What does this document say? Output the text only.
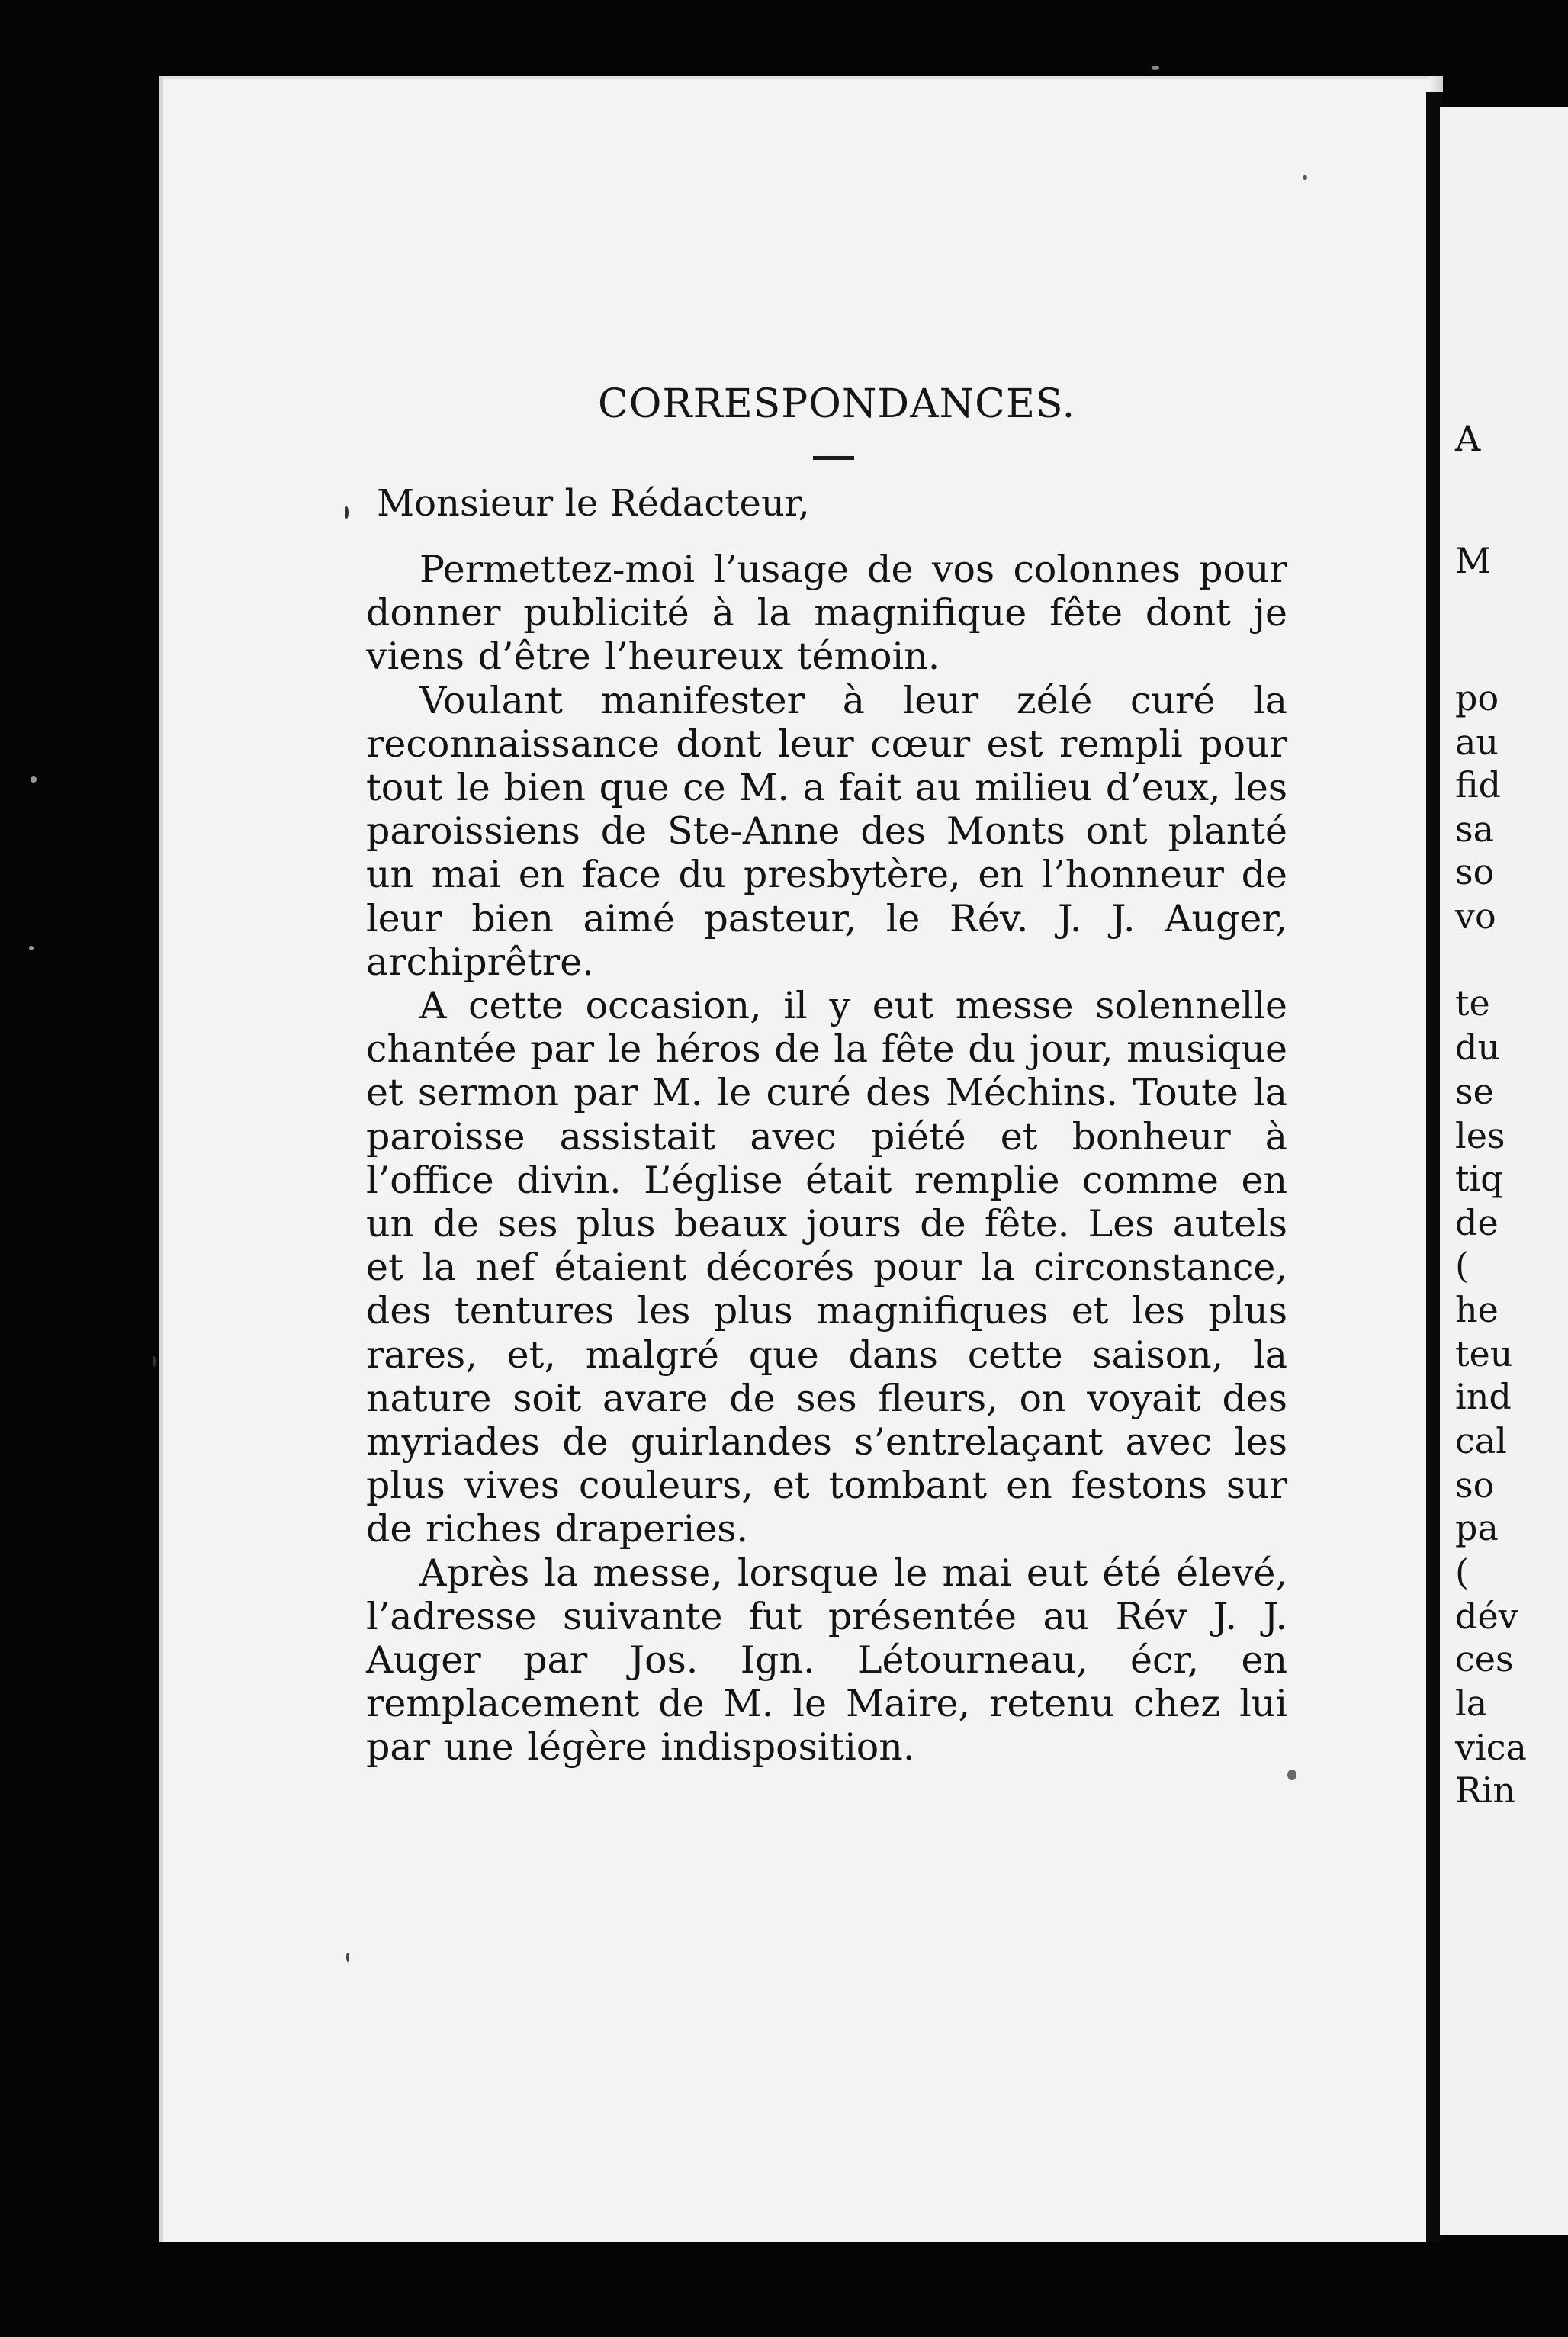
CORRESPONDANCES.
Monsieur le Rédacteur,

Permettez-moi l’usage de vos colonnes pour donner publicité à la magnifique fête dont je viens d’être l’heureux témoin.

Voulant manifester à leur zélé curé la reconnaissance dont leur cœur est rempli pour tout le bien que ce M. a fait au milieu d’eux, les paroissiens de Ste-Anne des Monts ont planté un mai en face du presbytère, en l’honneur de leur bien aimé pasteur, le Rév. J. J. Auger, archiprêtre.

A cette occasion, il y eut messe solennelle chantée par le héros de la fête du jour, musique et sermon par M. le curé des Méchins. Toute la paroisse assistait avec piété et bonheur à l’office divin. L’église était remplie comme en un de ses plus beaux jours de fête. Les autels et la nef étaient décorés pour la circonstance, des tentures les plus magnifiques et les plus rares, et, malgré que dans cette saison, la nature soit avare de ses fleurs, on voyait des myriades de guirlandes s’entrelaçant avec les plus vives couleurs, et tombant en festons sur de riches draperies.

Après la messe, lorsque le mai eut été élevé, l’adresse suivante fut présentée au Rév J. J. Auger par Jos. Ign. Létourneau, écr, en remplacement de M. le Maire, retenu chez lui par une légère indisposition.

A
M
po
au
fid
sa
so
vo
te
du
se
les
tiq
de
(
he
teu
ind
cal
so
pa
(
dév
ces
la
vica
Rin
